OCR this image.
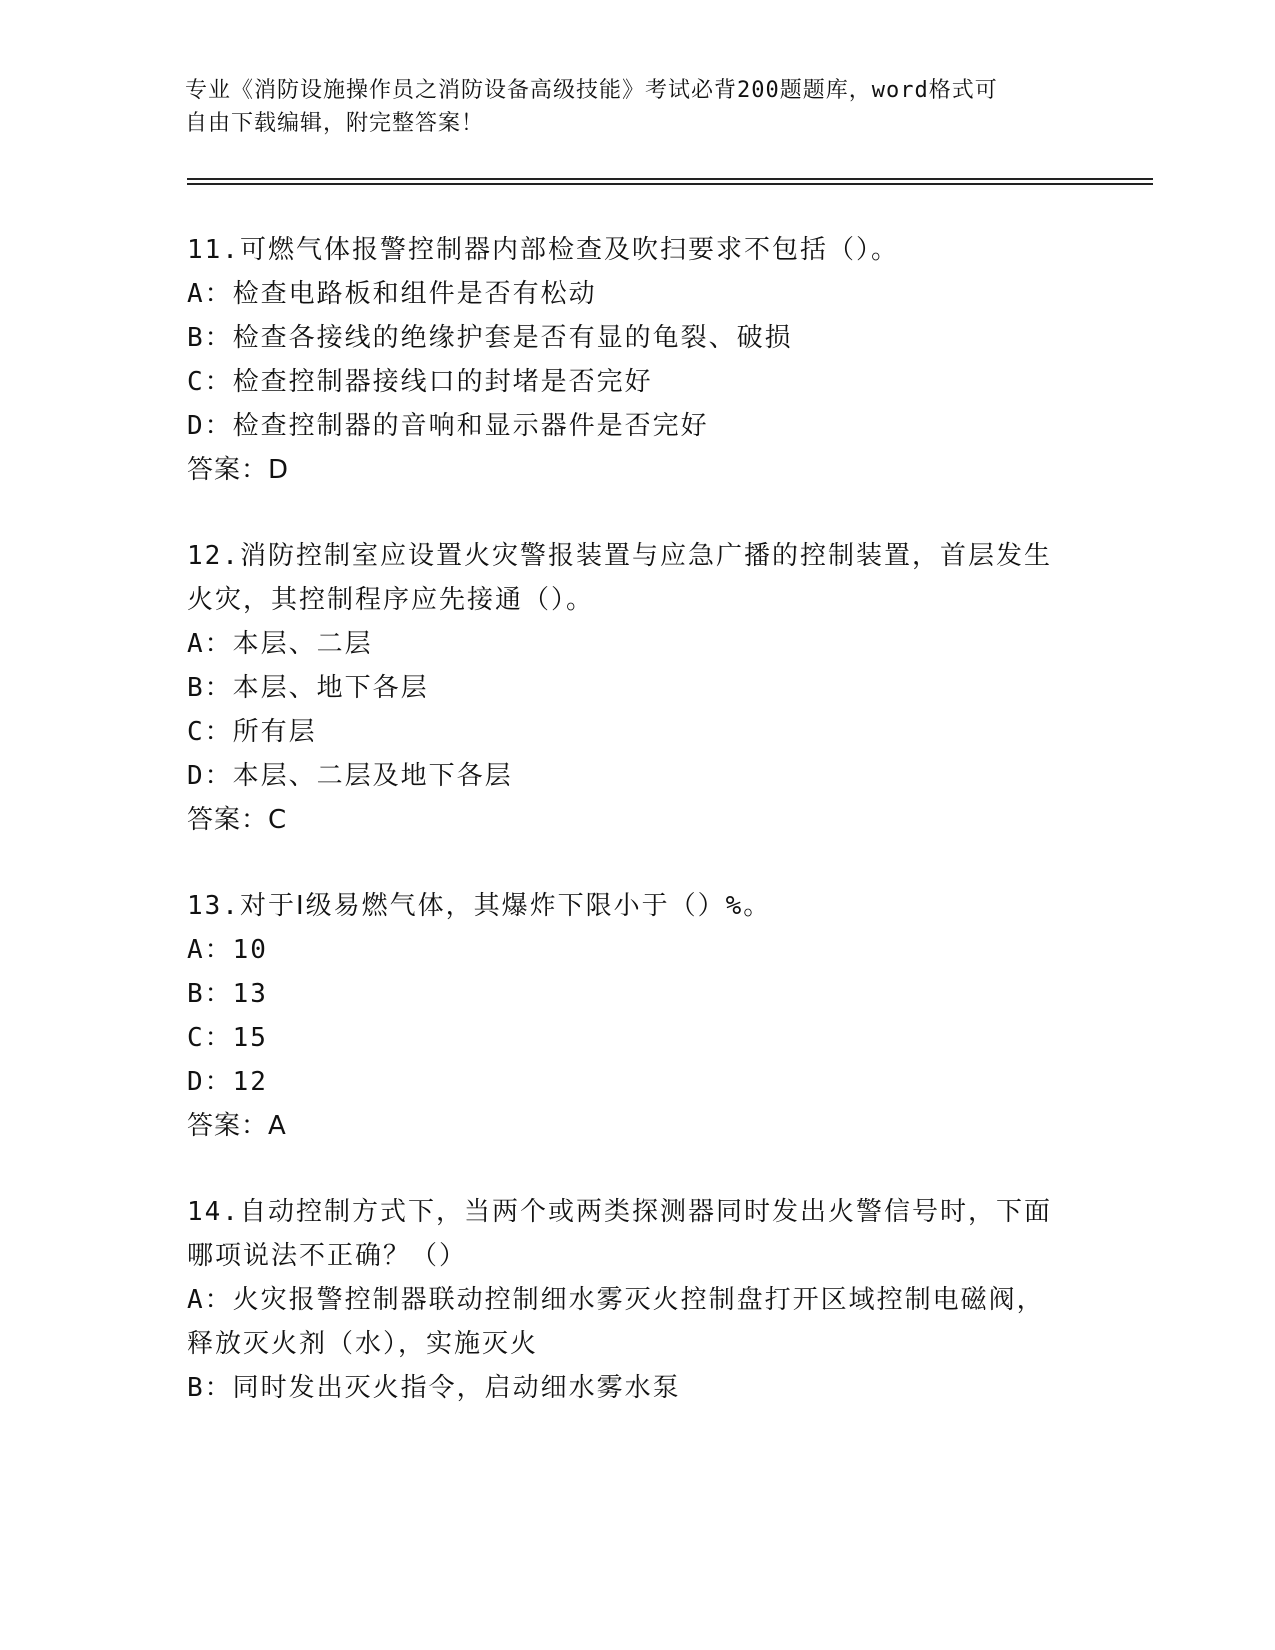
专业《消防设施操作员之消防设备高级技能》考试必背200题题库，word格式可
自由下载编辑，附完整答案！
11.可燃气体报警控制器内部检查及吹扫要求不包括（）。
A：检查电路板和组件是否有松动
B：检查各接线的绝缘护套是否有显的龟裂、破损
C：检查控制器接线口的封堵是否完好
D：检查控制器的音响和显示器件是否完好
答案：D
12.消防控制室应设置火灾警报装置与应急广播的控制装置，首层发生
火灾，其控制程序应先接通（）。
A：本层、二层
B：本层、地下各层
C：所有层
D：本层、二层及地下各层
答案：C
13.对于Ⅰ级易燃气体，其爆炸下限小于（）%。
A：10
B：13
C：15
D：12
答案：A
14.自动控制方式下，当两个或两类探测器同时发出火警信号时，下面
哪项说法不正确？（）
A：火灾报警控制器联动控制细水雾灭火控制盘打开区域控制电磁阀，
释放灭火剂（水），实施灭火
B：同时发出灭火指令，启动细水雾水泵
